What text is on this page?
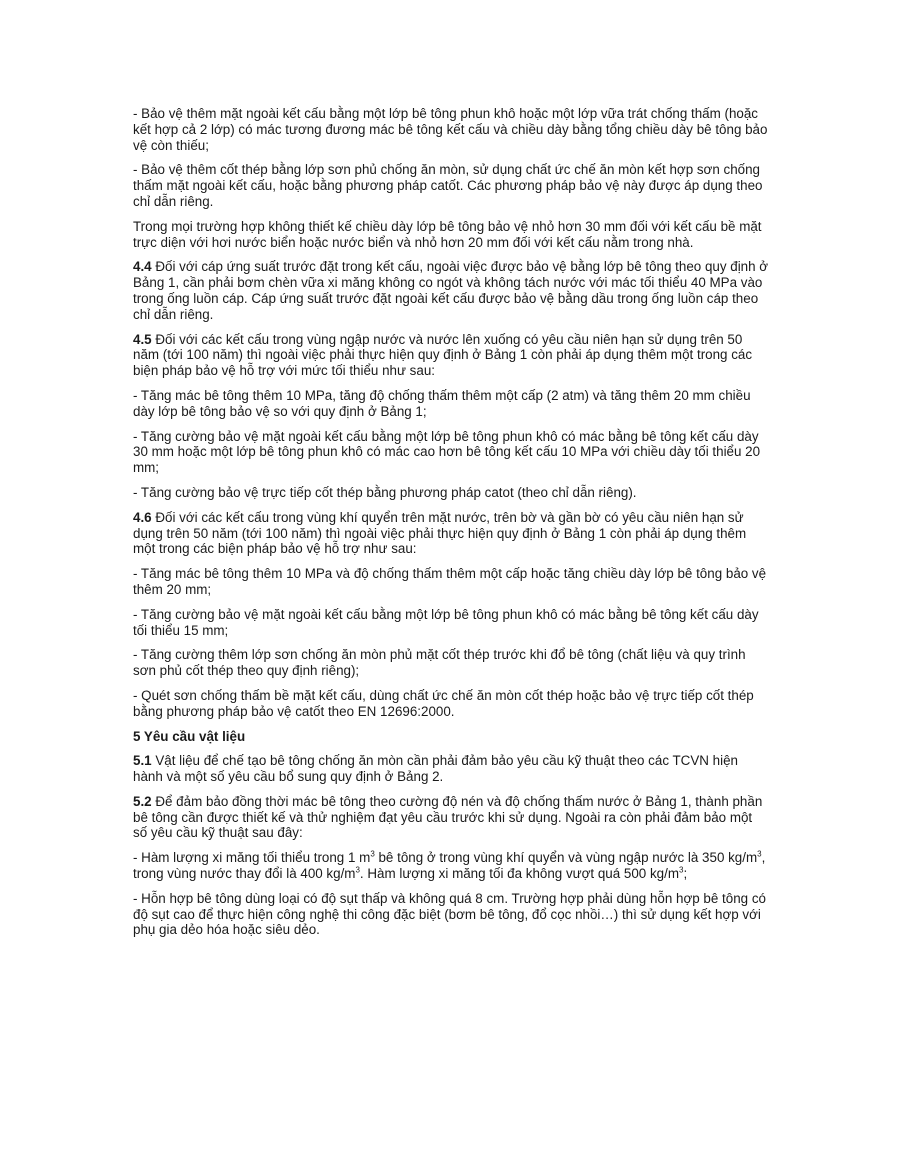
- Bảo vệ thêm mặt ngoài kết cấu bằng một lớp bê tông phun khô hoặc một lớp vữa trát chống thấm (hoặc kết hợp cả 2 lớp) có mác tương đương mác bê tông kết cấu và chiều dày bằng tổng chiều dày bê tông bảo vệ còn thiếu;

- Bảo vệ thêm cốt thép bằng lớp sơn phủ chống ăn mòn, sử dụng chất ức chế ăn mòn kết hợp sơn chống thấm mặt ngoài kết cấu, hoặc bằng phương pháp catốt. Các phương pháp bảo vệ này được áp dụng theo chỉ dẫn riêng.

Trong mọi trường hợp không thiết kế chiều dày lớp bê tông bảo vệ nhỏ hơn 30 mm đối với kết cấu bề mặt trực diện với hơi nước biển hoặc nước biển và nhỏ hơn 20 mm đối với kết cấu nằm trong nhà.

4.4 Đối với cáp ứng suất trước đặt trong kết cấu, ngoài việc được bảo vệ bằng lớp bê tông theo quy định ở Bảng 1, cần phải bơm chèn vữa xi măng không co ngót và không tách nước với mác tối thiểu 40 MPa vào trong ống luồn cáp. Cáp ứng suất trước đặt ngoài kết cấu được bảo vệ bằng dầu trong ống luồn cáp theo chỉ dẫn riêng.

4.5 Đối với các kết cấu trong vùng ngập nước và nước lên xuống có yêu cầu niên hạn sử dụng trên 50 năm (tới 100 năm) thì ngoài việc phải thực hiện quy định ở Bảng 1 còn phải áp dụng thêm một trong các biện pháp bảo vệ hỗ trợ với mức tối thiểu như sau:

- Tăng mác bê tông thêm 10 MPa, tăng độ chống thấm thêm một cấp (2 atm) và tăng thêm 20 mm chiều dày lớp bê tông bảo vệ so với quy định ở Bảng 1;

- Tăng cường bảo vệ mặt ngoài kết cấu bằng một lớp bê tông phun khô có mác bằng bê tông kết cấu dày 30 mm hoặc một lớp bê tông phun khô có mác cao hơn bê tông kết cấu 10 MPa với chiều dày tối thiểu 20 mm;

- Tăng cường bảo vệ trực tiếp cốt thép bằng phương pháp catot (theo chỉ dẫn riêng).

4.6 Đối với các kết cấu trong vùng khí quyển trên mặt nước, trên bờ và gần bờ có yêu cầu niên hạn sử dụng trên 50 năm (tới 100 năm) thì ngoài việc phải thực hiện quy định ở Bảng 1 còn phải áp dụng thêm một trong các biện pháp bảo vệ hỗ trợ như sau:

- Tăng mác bê tông thêm 10 MPa và độ chống thấm thêm một cấp hoặc tăng chiều dày lớp bê tông bảo vệ thêm 20 mm;

- Tăng cường bảo vệ mặt ngoài kết cấu bằng một lớp bê tông phun khô có mác bằng bê tông kết cấu dày tối thiểu 15 mm;

- Tăng cường thêm lớp sơn chống ăn mòn phủ mặt cốt thép trước khi đổ bê tông (chất liệu và quy trình sơn phủ cốt thép theo quy định riêng);

- Quét sơn chống thấm bề mặt kết cấu, dùng chất ức chế ăn mòn cốt thép hoặc bảo vệ trực tiếp cốt thép bằng phương pháp bảo vệ catốt theo EN 12696:2000.

5 Yêu cầu vật liệu

5.1 Vật liệu để chế tạo bê tông chống ăn mòn cần phải đảm bảo yêu cầu kỹ thuật theo các TCVN hiện hành và một số yêu cầu bổ sung quy định ở Bảng 2.

5.2 Để đảm bảo đồng thời mác bê tông theo cường độ nén và độ chống thấm nước ở Bảng 1, thành phần bê tông cần được thiết kế và thử nghiệm đạt yêu cầu trước khi sử dụng. Ngoài ra còn phải đảm bảo một số yêu cầu kỹ thuật sau đây:

- Hàm lượng xi măng tối thiểu trong 1 $m^3$ bê tông ở trong vùng khí quyển và vùng ngập nước là 350 $kg/m^3$, trong vùng nước thay đổi là 400 $kg/m^3$. Hàm lượng xi măng tối đa không vượt quá 500 $kg/m^3$;

- Hỗn hợp bê tông dùng loại có độ sụt thấp và không quá 8 cm. Trường hợp phải dùng hỗn hợp bê tông có độ sụt cao để thực hiện công nghệ thi công đặc biệt (bơm bê tông, đổ cọc nhồi…) thì sử dụng kết hợp với phụ gia dẻo hóa hoặc siêu dẻo.
